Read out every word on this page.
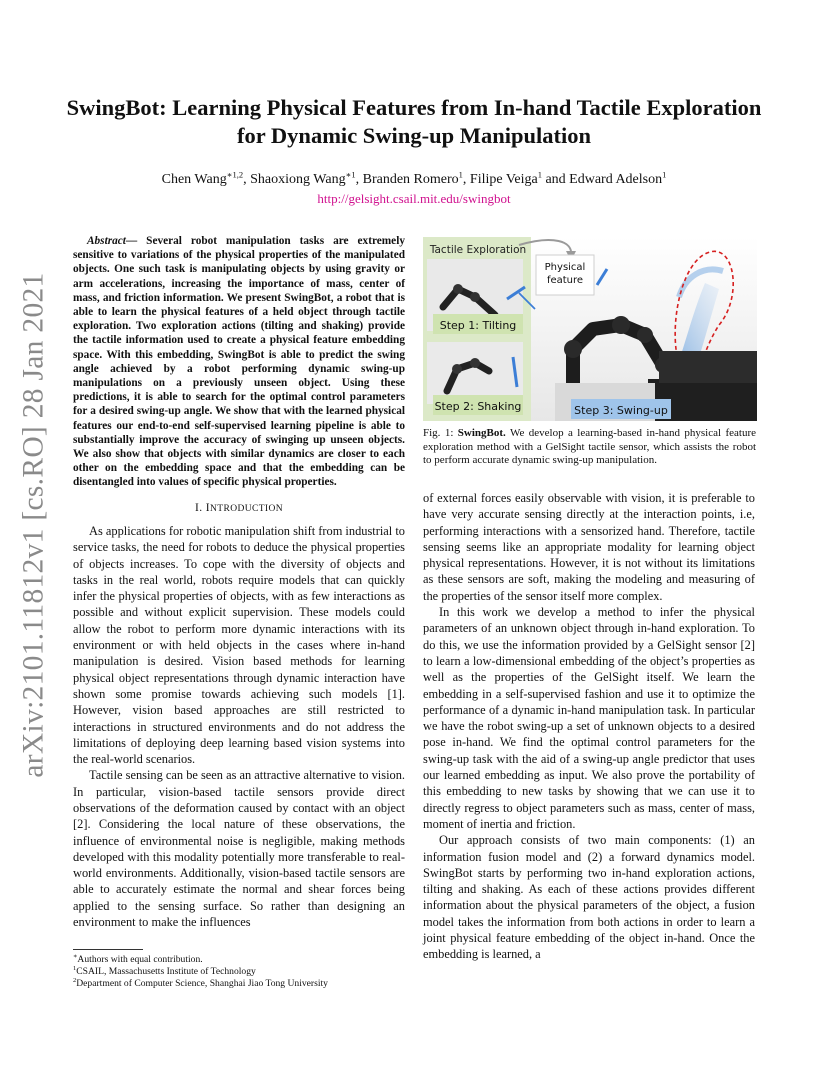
arXiv:2101.11812v1 [cs.RO] 28 Jan 2021
SwingBot: Learning Physical Features from In-hand Tactile Exploration
for Dynamic Swing-up Manipulation
Chen Wang$^{∗1,2}$, Shaoxiong Wang$^{∗1}$, Branden Romero$^1$, Filipe Veiga$^1$ and Edward Adelson$^1$
http://gelsight.csail.mit.edu/swingbot

Abstract— Several robot manipulation tasks are extremely sensitive to variations of the physical properties of the manipulated objects. One such task is manipulating objects by using gravity or arm accelerations, increasing the importance of mass, center of mass, and friction information. We present SwingBot, a robot that is able to learn the physical features of a held object through tactile exploration. Two exploration actions (tilting and shaking) provide the tactile information used to create a physical feature embedding space. With this embedding, SwingBot is able to predict the swing angle achieved by a robot performing dynamic swing-up manipulations on a previously unseen object. Using these predictions, it is able to search for the optimal control parameters for a desired swing-up angle. We show that with the learned physical features our end-to-end self-supervised learning pipeline is able to substantially improve the accuracy of swinging up unseen objects. We also show that objects with similar dynamics are closer to each other on the embedding space and that the embedding can be disentangled into values of specific physical properties.

I. INTRODUCTION

As applications for robotic manipulation shift from industrial to service tasks, the need for robots to deduce the physical properties of objects increases. To cope with the diversity of objects and tasks in the real world, robots require models that can quickly infer the physical properties of objects, with as few interactions as possible and without explicit supervision. These models could allow the robot to perform more dynamic interactions with its environment or with held objects in the cases where in-hand manipulation is desired. Vision based methods for learning physical object representations through dynamic interaction have shown some promise towards achieving such models [1]. However, vision based approaches are still restricted to interactions in structured environments and do not address the limitations of deploying deep learning based vision systems into the real-world scenarios.

Tactile sensing can be seen as an attractive alternative to vision. In particular, vision-based tactile sensors provide direct observations of the deformation caused by contact with an object [2]. Considering the local nature of these observations, the influence of environmental noise is negligible, making methods developed with this modality potentially more transferable to real-world environments. Additionally, vision-based tactile sensors are able to accurately estimate the normal and shear forces being applied to the sensing surface. So rather than designing an environment to make the influences

∗Authors with equal contribution.
$^1$CSAIL, Massachusetts Institute of Technology
$^2$Department of Computer Science, Shanghai Jiao Tong University
Step 1: Tilting
Step 2: Shaking
Tactile Exploration
Physical
feature
Step 3: Swing-up
Fig. 1: SwingBot. We develop a learning-based in-hand physical feature exploration method with a GelSight tactile sensor, which assists the robot to perform accurate dynamic swing-up manipulation.

of external forces easily observable with vision, it is preferable to have very accurate sensing directly at the interaction points, i.e, performing interactions with a sensorized hand. Therefore, tactile sensing seems like an appropriate modality for learning object physical representations. However, it is not without its limitations as these sensors are soft, making the modeling and measuring of the properties of the sensor itself more complex.

In this work we develop a method to infer the physical parameters of an unknown object through in-hand exploration. To do this, we use the information provided by a GelSight sensor [2] to learn a low-dimensional embedding of the object’s properties as well as the properties of the GelSight itself. We learn the embedding in a self-supervised fashion and use it to optimize the performance of a dynamic in-hand manipulation task. In particular we have the robot swing-up a set of unknown objects to a desired pose in-hand. We find the optimal control parameters for the swing-up task with the aid of a swing-up angle predictor that uses our learned embedding as input. We also prove the portability of this embedding to new tasks by showing that we can use it to directly regress to object parameters such as mass, center of mass, moment of inertia and friction.

Our approach consists of two main components: (1) an information fusion model and (2) a forward dynamics model. SwingBot starts by performing two in-hand exploration actions, tilting and shaking. As each of these actions provides different information about the physical parameters of the object, a fusion model takes the information from both actions in order to learn a joint physical feature embedding of the object in-hand. Once the embedding is learned, a
